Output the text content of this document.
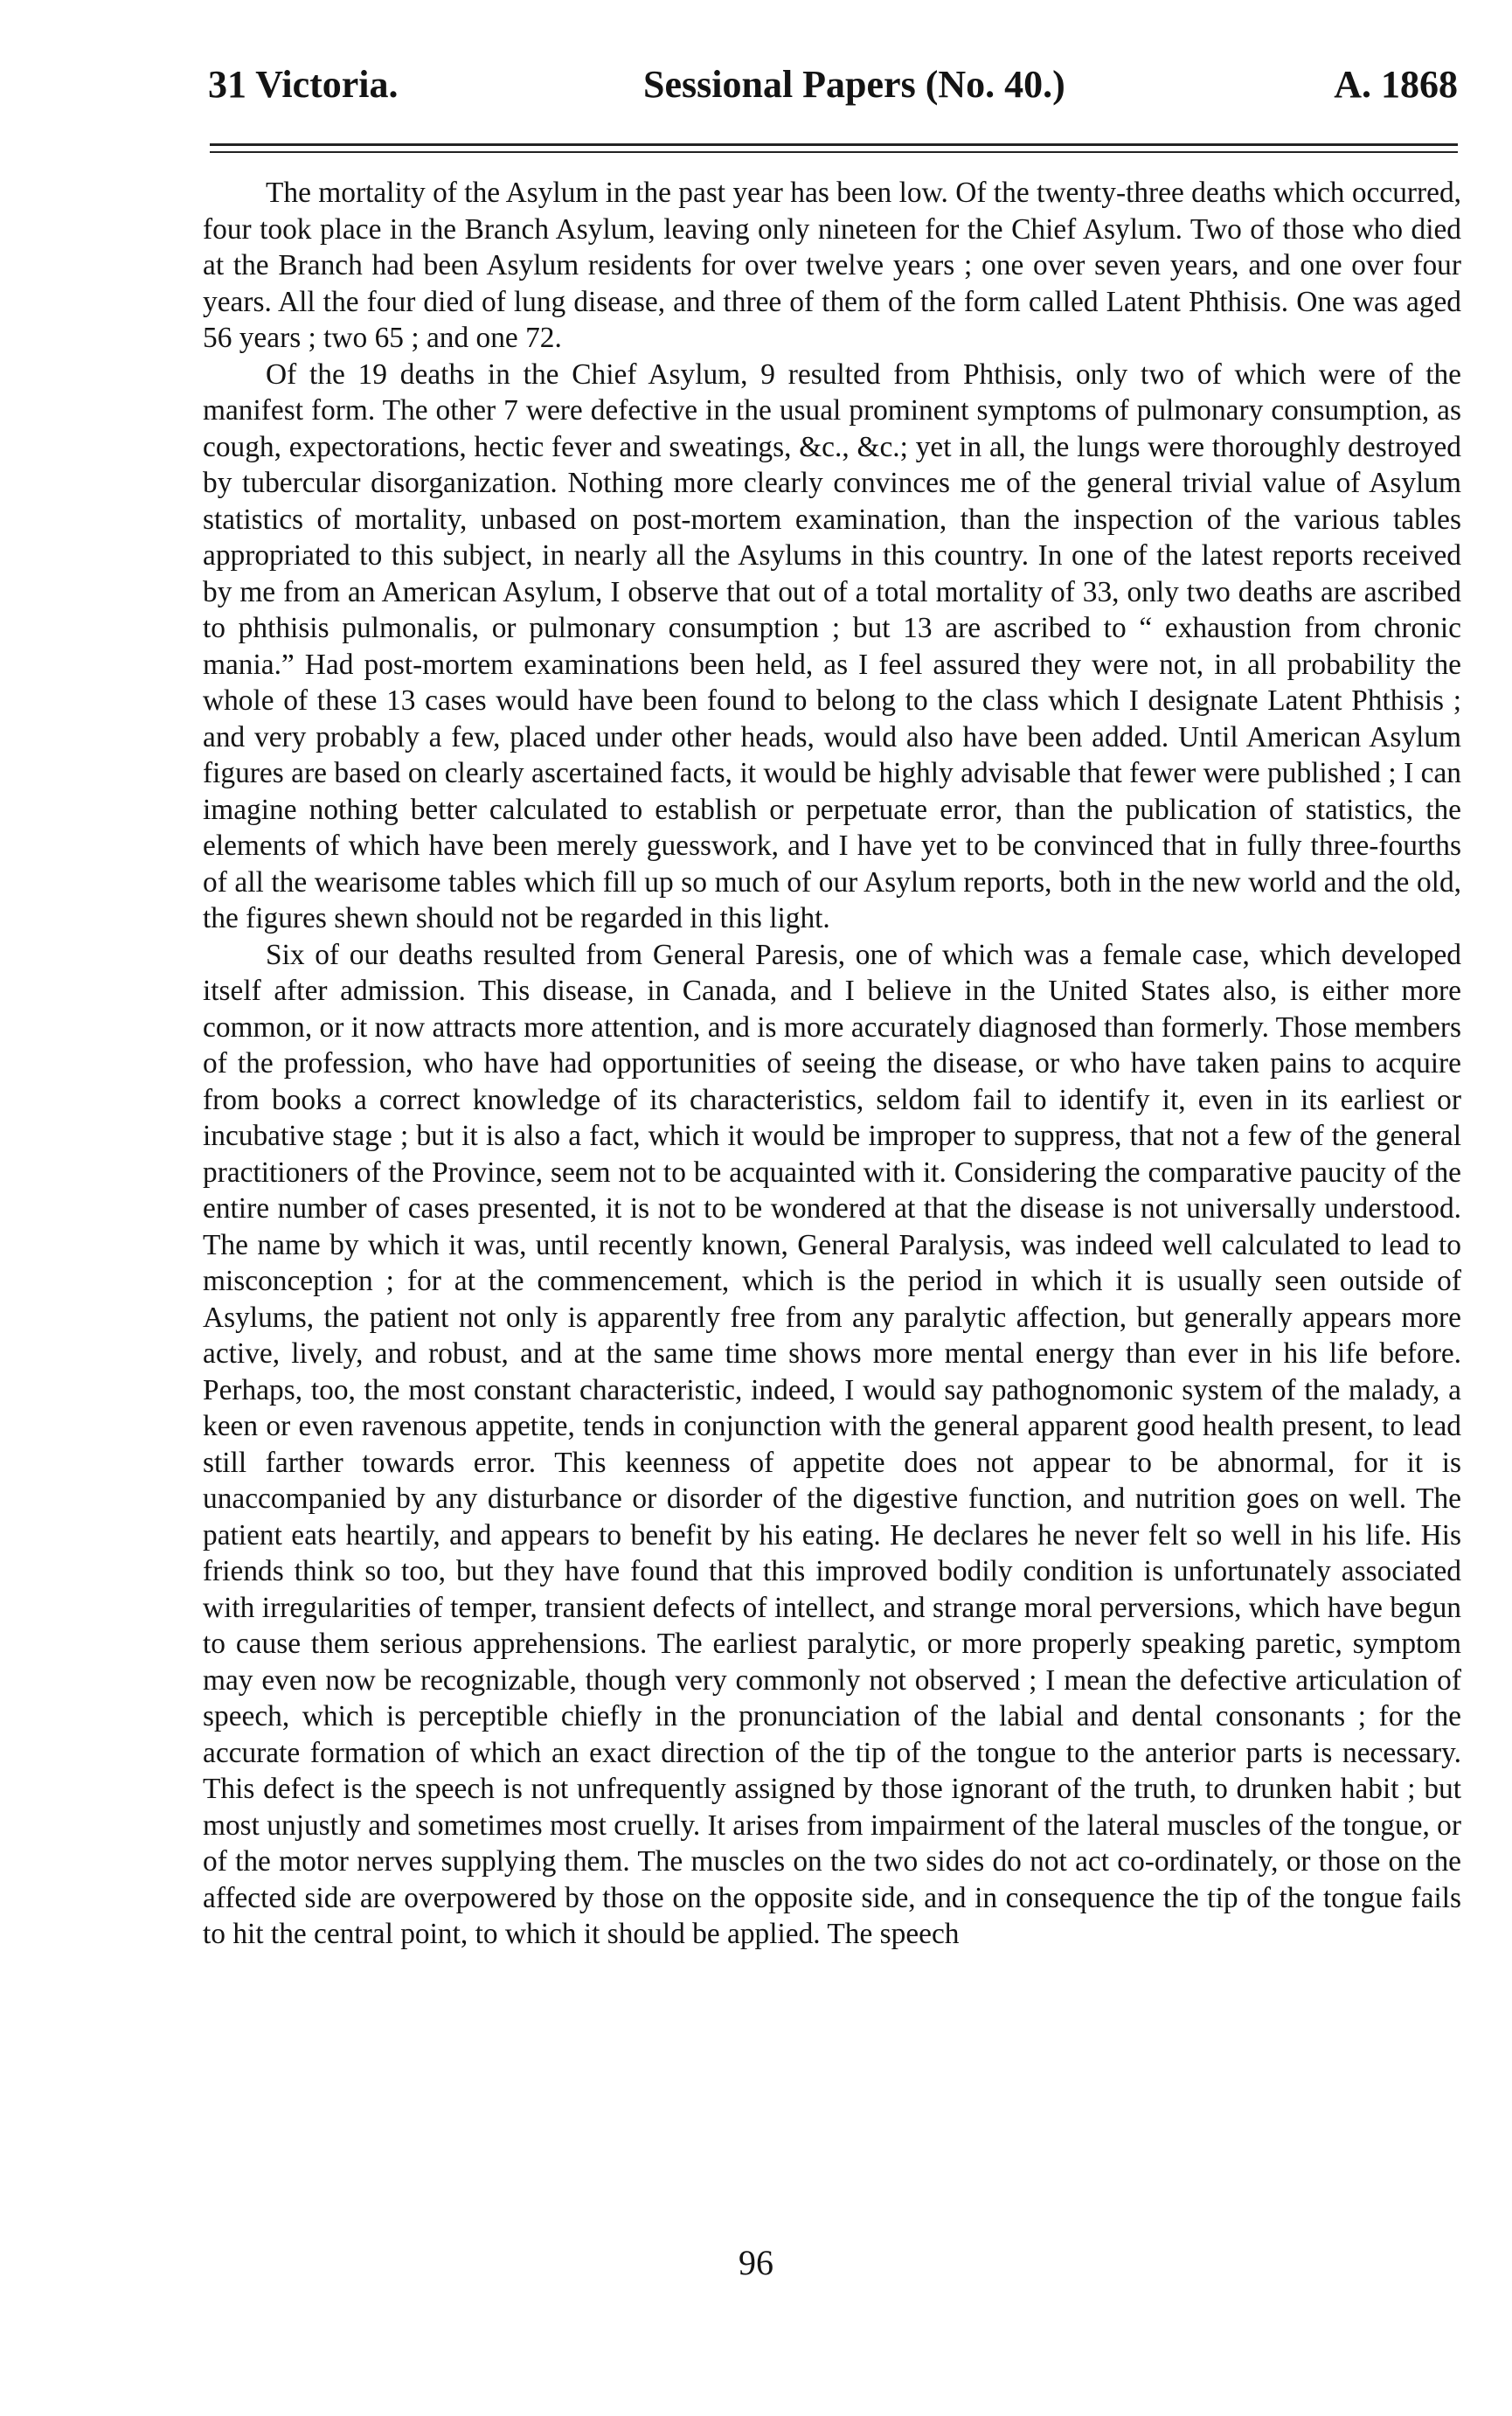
31 Victoria.	Sessional Papers (No. 40.)	A. 1868

The mortality of the Asylum in the past year has been low. Of the twenty-three deaths which occurred, four took place in the Branch Asylum, leaving only nineteen for the Chief Asylum. Two of those who died at the Branch had been Asylum residents for over twelve years ; one over seven years, and one over four years. All the four died of lung disease, and three of them of the form called Latent Phthisis. One was aged 56 years ; two 65 ; and one 72.

Of the 19 deaths in the Chief Asylum, 9 resulted from Phthisis, only two of which were of the manifest form. The other 7 were defective in the usual prominent symptoms of pulmonary consumption, as cough, expectorations, hectic fever and sweatings, &c., &c.; yet in all, the lungs were thoroughly destroyed by tubercular disorganization. Nothing more clearly convinces me of the general trivial value of Asylum statistics of mortality, unbased on post-mortem examination, than the inspection of the various tables appropriated to this subject, in nearly all the Asylums in this country. In one of the latest reports received by me from an American Asylum, I observe that out of a total mortality of 33, only two deaths are ascribed to phthisis pulmonalis, or pulmonary consumption ; but 13 are ascribed to “ exhaustion from chronic mania.” Had post-mortem examinations been held, as I feel assured they were not, in all probability the whole of these 13 cases would have been found to belong to the class which I designate Latent Phthisis ; and very probably a few, placed under other heads, would also have been added. Until American Asylum figures are based on clearly ascertained facts, it would be highly advisable that fewer were published ; I can imagine nothing better calculated to establish or perpetuate error, than the publication of statistics, the elements of which have been merely guesswork, and I have yet to be convinced that in fully three-fourths of all the wearisome tables which fill up so much of our Asylum reports, both in the new world and the old, the figures shewn should not be regarded in this light.

Six of our deaths resulted from General Paresis, one of which was a female case, which developed itself after admission. This disease, in Canada, and I believe in the United States also, is either more common, or it now attracts more attention, and is more accurately diagnosed than formerly. Those members of the profession, who have had opportunities of seeing the disease, or who have taken pains to acquire from books a correct knowledge of its characteristics, seldom fail to identify it, even in its earliest or incubative stage ; but it is also a fact, which it would be improper to suppress, that not a few of the general practitioners of the Province, seem not to be acquainted with it. Considering the comparative paucity of the entire number of cases presented, it is not to be wondered at that the disease is not universally understood. The name by which it was, until recently known, General Paralysis, was indeed well calculated to lead to misconception ; for at the commencement, which is the period in which it is usually seen outside of Asylums, the patient not only is apparently free from any paralytic affection, but generally appears more active, lively, and robust, and at the same time shows more mental energy than ever in his life before. Perhaps, too, the most constant characteristic, indeed, I would say pathognomonic system of the malady, a keen or even ravenous appetite, tends in conjunction with the general apparent good health present, to lead still farther towards error. This keenness of appetite does not appear to be abnormal, for it is unaccompanied by any disturbance or disorder of the digestive function, and nutrition goes on well. The patient eats heartily, and appears to benefit by his eating. He declares he never felt so well in his life. His friends think so too, but they have found that this improved bodily condition is unfortunately associated with irregularities of temper, transient defects of intellect, and strange moral perversions, which have begun to cause them serious apprehensions. The earliest paralytic, or more properly speaking paretic, symptom may even now be recognizable, though very commonly not observed ; I mean the defective articulation of speech, which is perceptible chiefly in the pronunciation of the labial and dental consonants ; for the accurate formation of which an exact direction of the tip of the tongue to the anterior parts is necessary. This defect is the speech is not unfrequently assigned by those ignorant of the truth, to drunken habit ; but most unjustly and sometimes most cruelly. It arises from impairment of the lateral muscles of the tongue, or of the motor nerves supplying them. The muscles on the two sides do not act co-ordinately, or those on the affected side are overpowered by those on the opposite side, and in consequence the tip of the tongue fails to hit the central point, to which it should be applied. The speech

96
